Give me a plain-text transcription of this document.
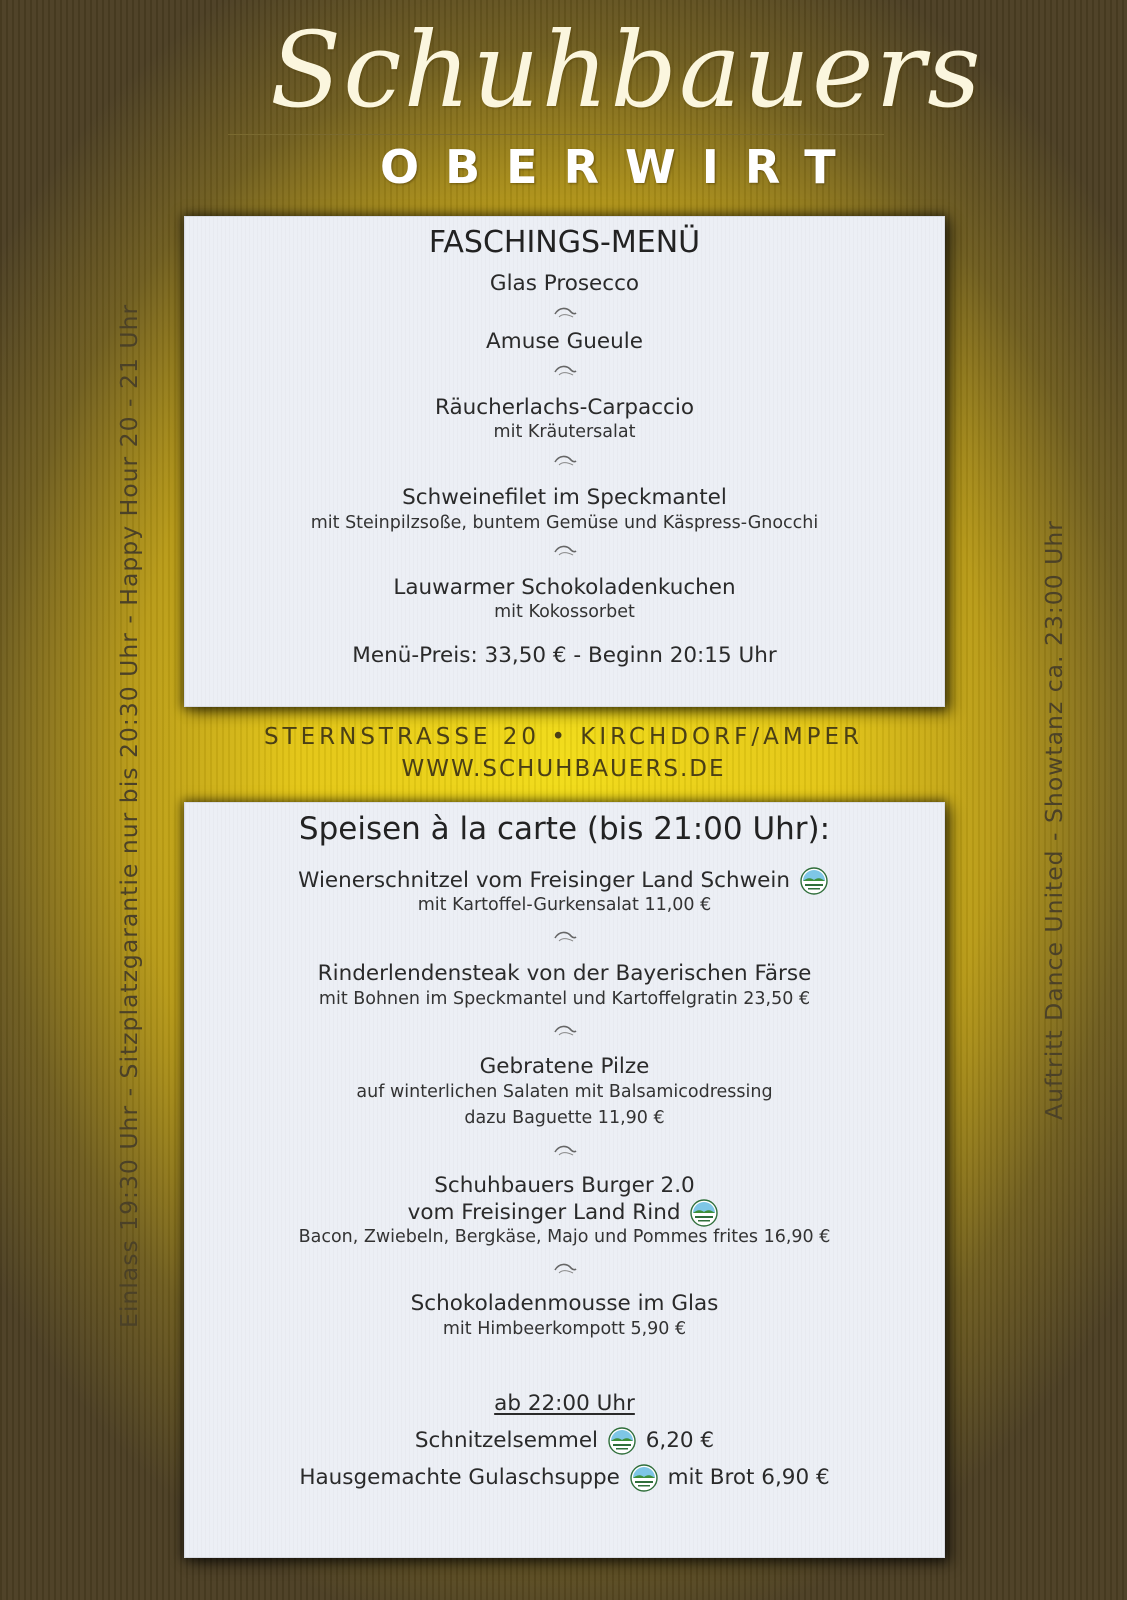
Schuhbauers
OBERWIRT
Einlass 19:30 Uhr - Sitzplatzgarantie nur bis 20:30 Uhr - Happy Hour 20 - 21 Uhr	Auftritt Dance United - Showtanz ca. 23:00 Uhr
FASCHINGS-MENÜ
Glas Prosecco
Amuse Gueule
Räucherlachs-Carpaccio
mit Kräutersalat
Schweinefilet im Speckmantel
mit Steinpilzsoße, buntem Gemüse und Käspress-Gnocchi
Lauwarmer Schokoladenkuchen
mit Kokossorbet
Menü-Preis: 33,50 € - Beginn 20:15 Uhr
STERNSTRASSE 20 • KIRCHDORF/AMPER
WWW.SCHUHBAUERS.DE
Speisen à la carte (bis 21:00 Uhr):
Wienerschnitzel vom Freisinger Land Schwein
mit Kartoffel-Gurkensalat 11,00 €
Rinderlendensteak von der Bayerischen Färse
mit Bohnen im Speckmantel und Kartoffelgratin 23,50 €
Gebratene Pilze
auf winterlichen Salaten mit Balsamicodressing
dazu Baguette 11,90 €
Schuhbauers Burger 2.0
vom Freisinger Land Rind
Bacon, Zwiebeln, Bergkäse, Majo und Pommes frites 16,90 €
Schokoladenmousse im Glas
mit Himbeerkompott 5,90 €
ab 22:00 Uhr
Schnitzelsemmel 6,20 €
Hausgemachte Gulaschsuppe mit Brot 6,90 €
